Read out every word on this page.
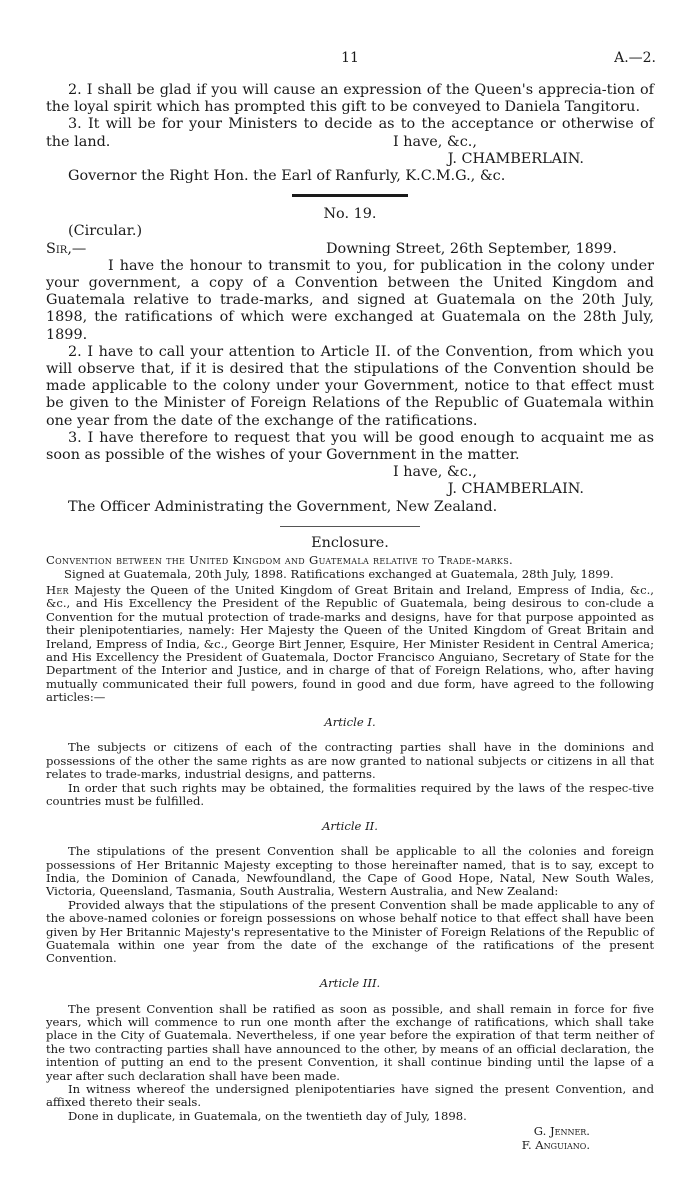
11	A.—2.

2. I shall be glad if you will cause an expression of the Queen's apprecia-tion of the loyal spirit which has prompted this gift to be conveyed to Daniela Tangitoru.

3. It will be for your Ministers to decide as to the acceptance or otherwise of the land.	I have, &c.,

J. CHAMBERLAIN.

Governor the Right Hon. the Earl of Ranfurly, K.C.M.G., &c.

No. 19.

(Circular.)

Sir,—	Downing Street, 26th September, 1899.

I have the honour to transmit to you, for publication in the colony under your government, a copy of a Convention between the United Kingdom and Guatemala relative to trade-marks, and signed at Guatemala on the 20th July, 1898, the ratifications of which were exchanged at Guatemala on the 28th July, 1899.

2. I have to call your attention to Article II. of the Convention, from which you will observe that, if it is desired that the stipulations of the Convention should be made applicable to the colony under your Government, notice to that effect must be given to the Minister of Foreign Relations of the Republic of Guatemala within one year from the date of the exchange of the ratifications.

3. I have therefore to request that you will be good enough to acquaint me as soon as possible of the wishes of your Government in the matter.

I have, &c.,

J. CHAMBERLAIN.

The Officer Administrating the Government, New Zealand.

Enclosure.

Convention between the United Kingdom and Guatemala relative to Trade-marks.

Signed at Guatemala, 20th July, 1898. Ratifications exchanged at Guatemala, 28th July, 1899.

Her Majesty the Queen of the United Kingdom of Great Britain and Ireland, Empress of India, &c., &c., and His Excellency the President of the Republic of Guatemala, being desirous to con-clude a Convention for the mutual protection of trade-marks and designs, have for that purpose appointed as their plenipotentiaries, namely: Her Majesty the Queen of the United Kingdom of Great Britain and Ireland, Empress of India, &c., George Birt Jenner, Esquire, Her Minister Resident in Central America; and His Excellency the President of Guatemala, Doctor Francisco Anguiano, Secretary of State for the Department of the Interior and Justice, and in charge of that of Foreign Relations, who, after having mutually communicated their full powers, found in good and due form, have agreed to the following articles:—

Article I.

The subjects or citizens of each of the contracting parties shall have in the dominions and possessions of the other the same rights as are now granted to national subjects or citizens in all that relates to trade-marks, industrial designs, and patterns.

In order that such rights may be obtained, the formalities required by the laws of the respec-tive countries must be fulfilled.

Article II.

The stipulations of the present Convention shall be applicable to all the colonies and foreign possessions of Her Britannic Majesty excepting to those hereinafter named, that is to say, except to India, the Dominion of Canada, Newfoundland, the Cape of Good Hope, Natal, New South Wales, Victoria, Queensland, Tasmania, South Australia, Western Australia, and New Zealand:

Provided always that the stipulations of the present Convention shall be made applicable to any of the above-named colonies or foreign possessions on whose behalf notice to that effect shall have been given by Her Britannic Majesty's representative to the Minister of Foreign Relations of the Republic of Guatemala within one year from the date of the exchange of the ratifications of the present Convention.

Article III.

The present Convention shall be ratified as soon as possible, and shall remain in force for five years, which will commence to run one month after the exchange of ratifications, which shall take place in the City of Guatemala. Nevertheless, if one year before the expiration of that term neither of the two contracting parties shall have announced to the other, by means of an official declaration, the intention of putting an end to the present Convention, it shall continue binding until the lapse of a year after such declaration shall have been made.

In witness whereof the undersigned plenipotentiaries have signed the present Convention, and affixed thereto their seals.

Done in duplicate, in Guatemala, on the twentieth day of July, 1898.

G. Jenner.

F. Anguiano.
